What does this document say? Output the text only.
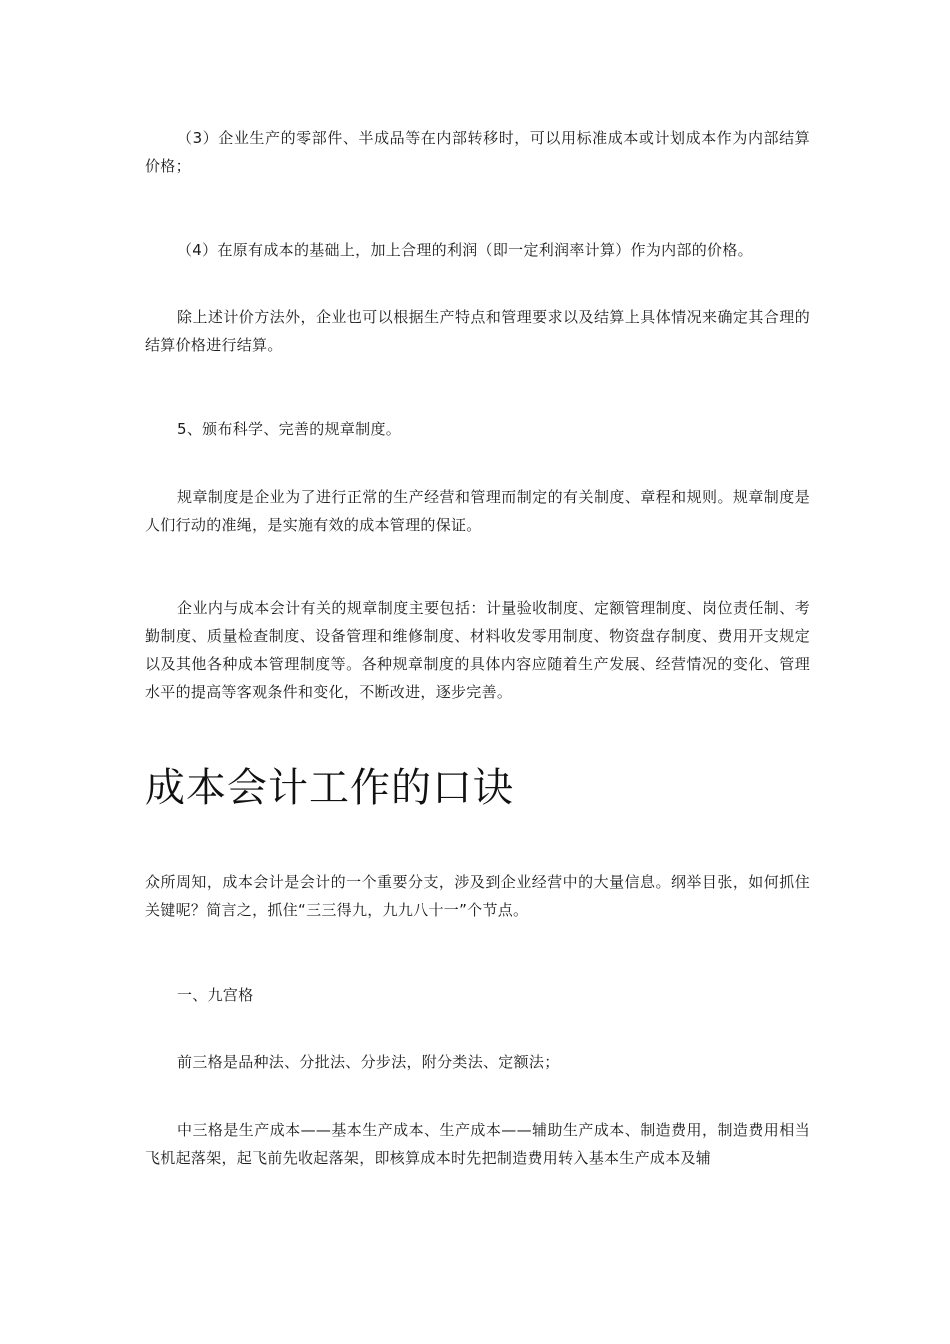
（3）企业生产的零部件、半成品等在内部转移时，可以用标准成本或计划成本作为内部结算价格；

（4）在原有成本的基础上，加上合理的利润（即一定利润率计算）作为内部的价格。

除上述计价方法外，企业也可以根据生产特点和管理要求以及结算上具体情况来确定其合理的结算价格进行结算。

5、颁布科学、完善的规章制度。

规章制度是企业为了进行正常的生产经营和管理而制定的有关制度、章程和规则。规章制度是人们行动的准绳，是实施有效的成本管理的保证。

企业内与成本会计有关的规章制度主要包括：计量验收制度、定额管理制度、岗位责任制、考勤制度、质量检查制度、设备管理和维修制度、材料收发零用制度、物资盘存制度、费用开支规定以及其他各种成本管理制度等。各种规章制度的具体内容应随着生产发展、经营情况的变化、管理水平的提高等客观条件和变化，不断改进，逐步完善。

成本会计工作的口诀

众所周知，成本会计是会计的一个重要分支，涉及到企业经营中的大量信息。纲举目张，如何抓住关键呢？简言之，抓住“三三得九，九九八十一”个节点。

一、九宫格

前三格是品种法、分批法、分步法，附分类法、定额法；

中三格是生产成本——基本生产成本、生产成本——辅助生产成本、制造费用，制造费用相当飞机起落架，起飞前先收起落架，即核算成本时先把制造费用转入基本生产成本及辅
